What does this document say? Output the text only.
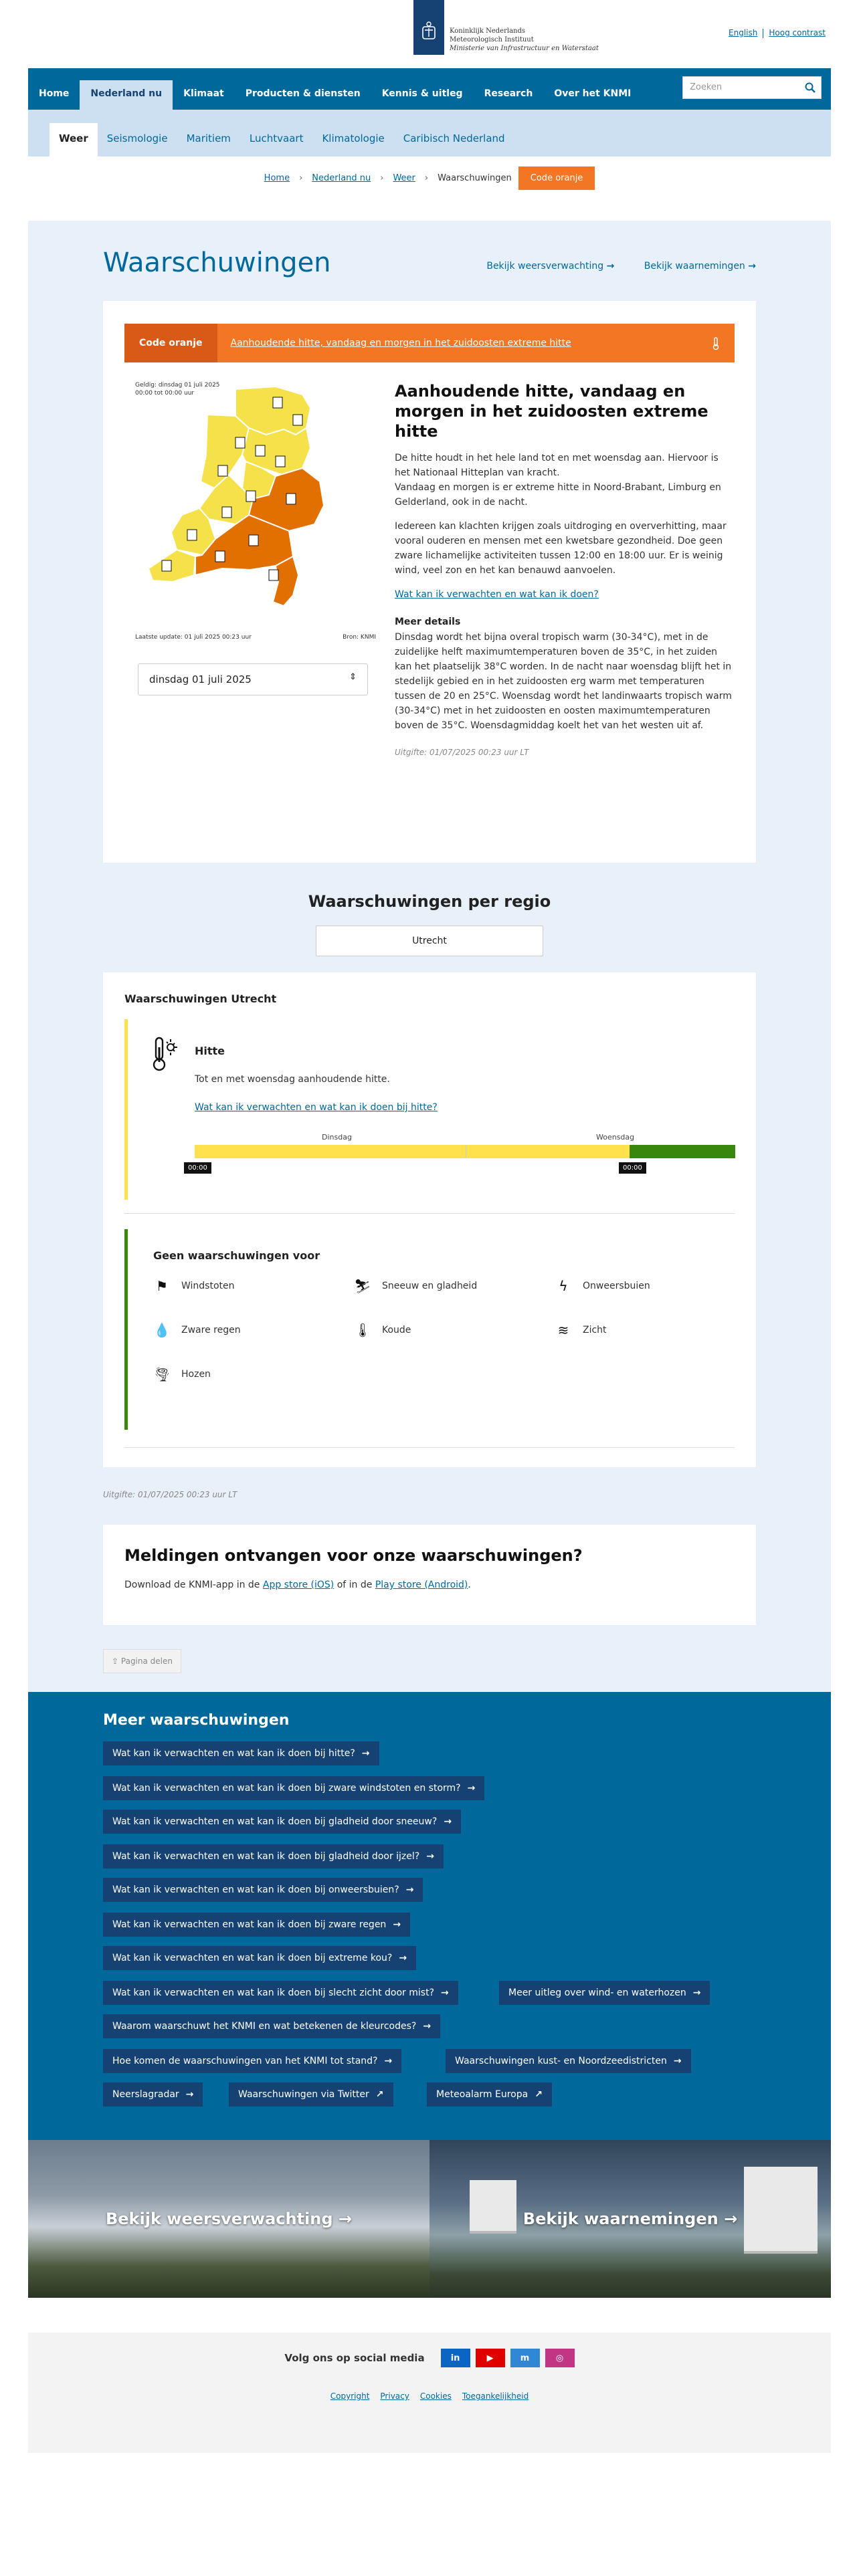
Koninklijk Nederlands
Meteorologisch Instituut
Ministerie van Infrastructuur en Waterstaat
English Hoog contrast
Home	Nederland nu	Klimaat	Producten & diensten	Kennis & uitleg	Research	Over het KNMI
Zoeken
Weer	Seismologie	Maritiem	Luchtvaart	Klimatologie	Caribisch Nederland
Home › Nederland nu › Weer › Waarschuwingen	Code oranje
Waarschuwingen	Bekijk weersverwachting →	Bekijk waarnemingen →
Code oranje	Aanhoudende hitte, vandaag en morgen in het zuidoosten extreme hitte
Geldig: dinsdag 01 juli 2025
00:00 tot 00:00 uur
Laatste update: 01 juli 2025 00:23 uur	Bron: KNMI
dinsdag 01 juli 2025	⇕
Aanhoudende hitte, vandaag en morgen in het zuidoosten extreme hitte

De hitte houdt in het hele land tot en met woensdag aan. Hiervoor is het Nationaal Hitteplan van kracht.
Vandaag en morgen is er extreme hitte in Noord-Brabant, Limburg en Gelderland, ook in de nacht.

Iedereen kan klachten krijgen zoals uitdroging en oververhitting, maar vooral ouderen en mensen met een kwetsbare gezondheid. Doe geen zware lichamelijke activiteiten tussen 12:00 en 18:00 uur. Er is weinig wind, veel zon en het kan benauwd aanvoelen.

Wat kan ik verwachten en wat kan ik doen?

Meer details

Dinsdag wordt het bijna overal tropisch warm (30-34°C), met in de zuidelijke helft maximumtemperaturen boven de 35°C, in het zuiden kan het plaatselijk 38°C worden. In de nacht naar woensdag blijft het in stedelijk gebied en in het zuidoosten erg warm met temperaturen tussen de 20 en 25°C. Woensdag wordt het landinwaarts tropisch warm (30-34°C) met in het zuidoosten en oosten maximumtemperaturen boven de 35°C. Woensdagmiddag koelt het van het westen uit af.

Uitgifte: 01/07/2025 00:23 uur LT

Waarschuwingen per regio
Utrecht
Waarschuwingen Utrecht
Hitte
Tot en met woensdag aanhoudende hitte.
Wat kan ik verwachten en wat kan ik doen bij hitte?
Dinsdag	Woensdag
00:00	00:00
Geen waarschuwingen voor
⚑ Windstoten	⛷ Sneeuw en gladheid	ϟ	Onweersbuien
💧 Zware regen	🌡 Koude	≋	Zicht
🌪 Hozen
Uitgifte: 01/07/2025 00:23 uur LT
Meldingen ontvangen voor onze waarschuwingen?

Download de KNMI-app in de App store (iOS) of in de Play store (Android).

⇪ Pagina delen
Meer waarschuwingen
Wat kan ik verwachten en wat kan ik doen bij hitte? →
Wat kan ik verwachten en wat kan ik doen bij zware windstoten en storm? →
Wat kan ik verwachten en wat kan ik doen bij gladheid door sneeuw? →
Wat kan ik verwachten en wat kan ik doen bij gladheid door ijzel? →
Wat kan ik verwachten en wat kan ik doen bij onweersbuien? →
Wat kan ik verwachten en wat kan ik doen bij zware regen →
Wat kan ik verwachten en wat kan ik doen bij extreme kou? →
Wat kan ik verwachten en wat kan ik doen bij slecht zicht door mist? →	Meer uitleg over wind- en waterhozen →
Waarom waarschuwt het KNMI en wat betekenen de kleurcodes? →
Hoe komen de waarschuwingen van het KNMI tot stand? →	Waarschuwingen kust- en Noordzeedistricten →
Neerslagradar →	Waarschuwingen via Twitter ↗	Meteoalarm Europa ↗
Bekijk weersverwachting
→	Bekijk waarnemingen
→
Volg ons op social media	in	▶	m	◎
Copyright Privacy Cookies Toegankelijkheid
